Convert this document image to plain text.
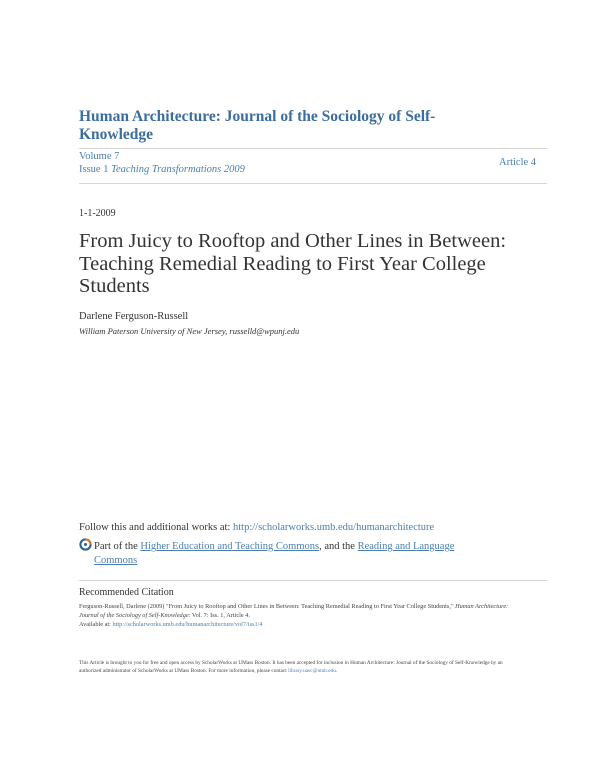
Human Architecture: Journal of the Sociology of Self-Knowledge
Volume 7
Issue 1 Teaching Transformations 2009
Article 4
1-1-2009
From Juicy to Rooftop and Other Lines in Between: Teaching Remedial Reading to First Year College Students
Darlene Ferguson-Russell
William Paterson University of New Jersey, russelld@wpunj.edu
Follow this and additional works at: http://scholarworks.umb.edu/humanarchitecture
Part of the Higher Education and Teaching Commons, and the Reading and Language Commons
Recommended Citation
Ferguson-Russell, Darlene (2009) "From Juicy to Rooftop and Other Lines in Between: Teaching Remedial Reading to First Year College Students," Human Architecture: Journal of the Sociology of Self-Knowledge: Vol. 7: Iss. 1, Article 4.
Available at: http://scholarworks.umb.edu/humanarchitecture/vol7/iss1/4
This Article is brought to you for free and open access by ScholarWorks at UMass Boston. It has been accepted for inclusion in Human Architecture: Journal of the Sociology of Self-Knowledge by an authorized administrator of ScholarWorks at UMass Boston. For more information, please contact library.uasc@umb.edu.
